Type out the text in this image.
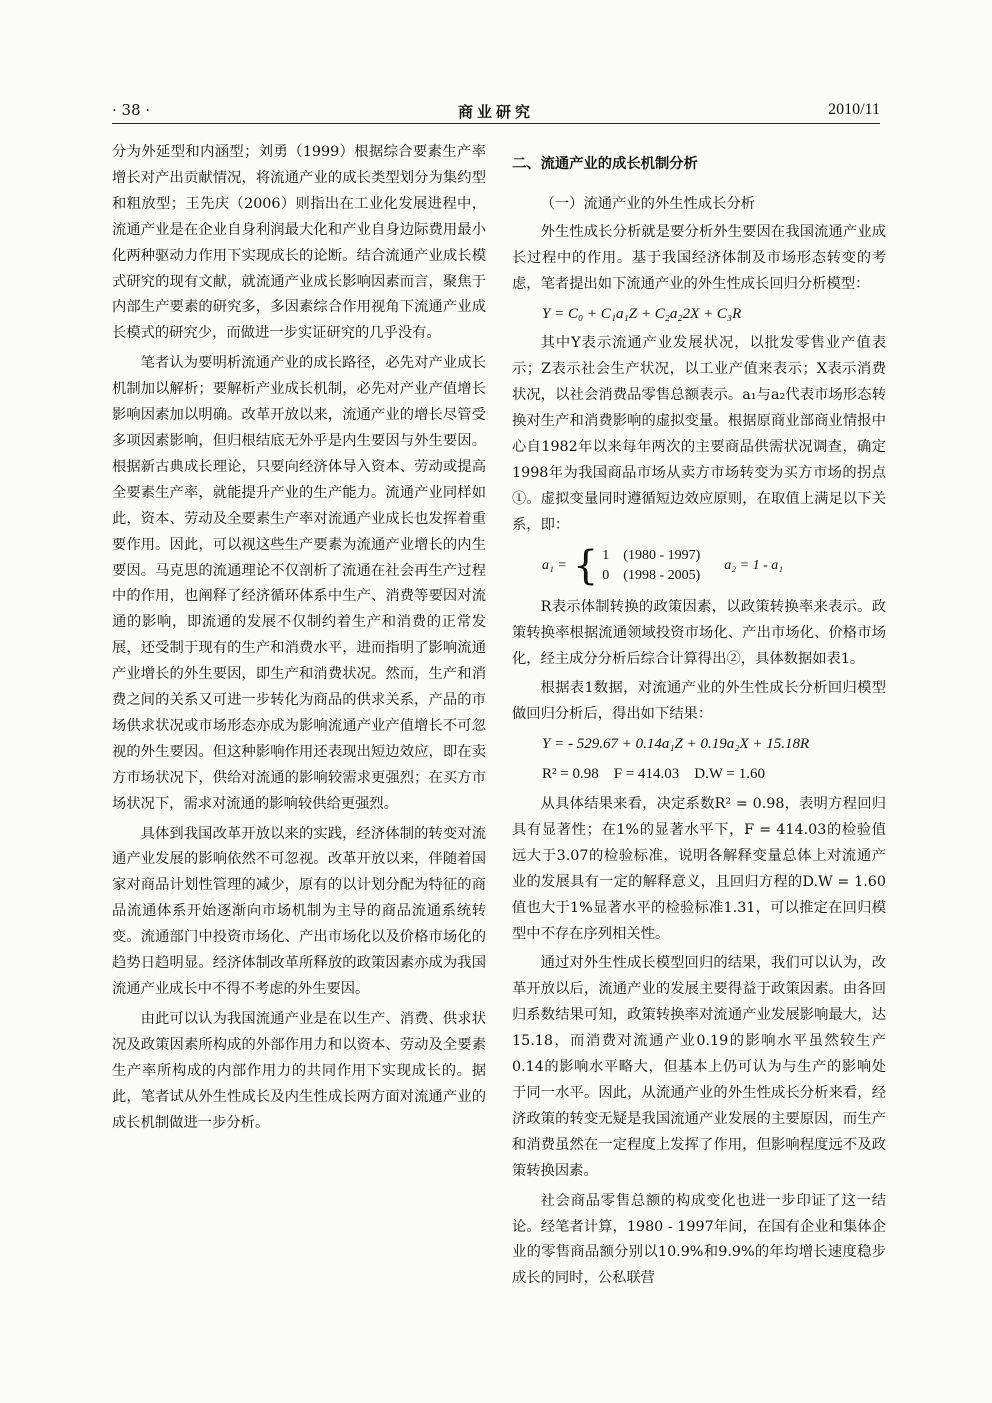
· 38 ·	商业研究	2010/11

分为外延型和内涵型；刘勇（1999）根据综合要素生产率增长对产出贡献情况，将流通产业的成长类型划分为集约型和粗放型；王先庆（2006）则指出在工业化发展进程中，流通产业是在企业自身利润最大化和产业自身边际费用最小化两种驱动力作用下实现成长的论断。结合流通产业成长模式研究的现有文献，就流通产业成长影响因素而言，聚焦于内部生产要素的研究多，多因素综合作用视角下流通产业成长模式的研究少，而做进一步实证研究的几乎没有。

笔者认为要明析流通产业的成长路径，必先对产业成长机制加以解析；要解析产业成长机制，必先对产业产值增长影响因素加以明确。改革开放以来，流通产业的增长尽管受多项因素影响，但归根结底无外乎是内生要因与外生要因。根据新古典成长理论，只要向经济体导入资本、劳动或提高全要素生产率，就能提升产业的生产能力。流通产业同样如此，资本、劳动及全要素生产率对流通产业成长也发挥着重要作用。因此，可以视这些生产要素为流通产业增长的内生要因。马克思的流通理论不仅剖析了流通在社会再生产过程中的作用，也阐释了经济循环体系中生产、消费等要因对流通的影响，即流通的发展不仅制约着生产和消费的正常发展，还受制于现有的生产和消费水平，进而指明了影响流通产业增长的外生要因，即生产和消费状况。然而，生产和消费之间的关系又可进一步转化为商品的供求关系，产品的市场供求状况或市场形态亦成为影响流通产业产值增长不可忽视的外生要因。但这种影响作用还表现出短边效应，即在卖方市场状况下，供给对流通的影响较需求更强烈；在买方市场状况下，需求对流通的影响较供给更强烈。

具体到我国改革开放以来的实践，经济体制的转变对流通产业发展的影响依然不可忽视。改革开放以来，伴随着国家对商品计划性管理的减少，原有的以计划分配为特征的商品流通体系开始逐渐向市场机制为主导的商品流通系统转变。流通部门中投资市场化、产出市场化以及价格市场化的趋势日趋明显。经济体制改革所释放的政策因素亦成为我国流通产业成长中不得不考虑的外生要因。

由此可以认为我国流通产业是在以生产、消费、供求状况及政策因素所构成的外部作用力和以资本、劳动及全要素生产率所构成的内部作用力的共同作用下实现成长的。据此，笔者试从外生性成长及内生性成长两方面对流通产业的成长机制做进一步分析。

二、流通产业的成长机制分析

（一）流通产业的外生性成长分析

外生性成长分析就是要分析外生要因在我国流通产业成长过程中的作用。基于我国经济体制及市场形态转变的考虑，笔者提出如下流通产业的外生性成长回归分析模型：

Y = C₀ + C₁a₁Z + C₂a₂2X + C₃R

其中Y表示流通产业发展状况，以批发零售业产值表示；Z表示社会生产状况，以工业产值来表示；X表示消费状况，以社会消费品零售总额表示。a₁与a₂代表市场形态转换对生产和消费影响的虚拟变量。根据原商业部商业情报中心自1982年以来每年两次的主要商品供需状况调查，确定1998年为我国商品市场从卖方市场转变为买方市场的拐点①。虚拟变量同时遵循短边效应原则，在取值上满足以下关系，即：

a₁ = { 1　(1980 - 1997)
0　(1998 - 2005)
a₂ = 1 - a₁

R表示体制转换的政策因素，以政策转换率来表示。政策转换率根据流通领域投资市场化、产出市场化、价格市场化，经主成分分析后综合计算得出②，具体数据如表1。

根据表1数据，对流通产业的外生性成长分析回归模型做回归分析后，得出如下结果：

Y = - 529.67 + 0.14a₁Z + 0.19a₂X + 15.18R

R² = 0.98　F = 414.03　D.W = 1.60

从具体结果来看，决定系数R² = 0.98，表明方程回归具有显著性；在1%的显著水平下，F = 414.03的检验值远大于3.07的检验标准，说明各解释变量总体上对流通产业的发展具有一定的解释意义，且回归方程的D.W = 1.60值也大于1%显著水平的检验标准1.31，可以推定在回归模型中不存在序列相关性。

通过对外生性成长模型回归的结果，我们可以认为，改革开放以后，流通产业的发展主要得益于政策因素。由各回归系数结果可知，政策转换率对流通产业发展影响最大，达15.18，而消费对流通产业0.19的影响水平虽然较生产0.14的影响水平略大，但基本上仍可认为与生产的影响处于同一水平。因此，从流通产业的外生性成长分析来看，经济政策的转变无疑是我国流通产业发展的主要原因，而生产和消费虽然在一定程度上发挥了作用，但影响程度远不及政策转换因素。

社会商品零售总额的构成变化也进一步印证了这一结论。经笔者计算，1980 - 1997年间，在国有企业和集体企业的零售商品额分别以10.9%和9.9%的年均增长速度稳步成长的同时，公私联营
